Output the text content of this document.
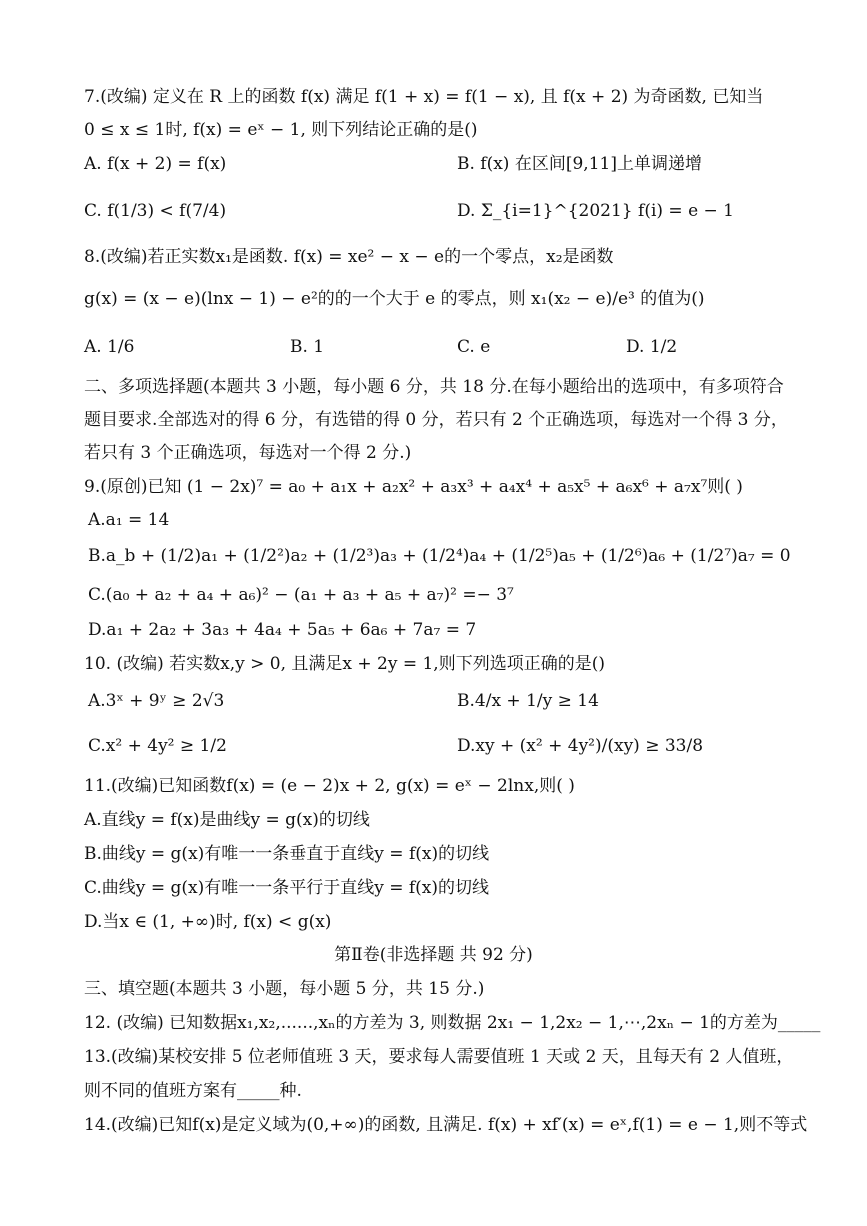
7.(改编) 定义在 R 上的函数 f(x) 满足 f(1 + x) = f(1 − x), 且 f(x + 2) 为奇函数, 已知当
0 ≤ x ≤ 1时, f(x) = eˣ − 1, 则下列结论正确的是()
A. f(x + 2) = f(x)	B. f(x) 在区间[9,11]上单调递增
C. f(1/3) < f(7/4)	D. Σ_{i=1}^{2021} f(i) = e − 1
8.(改编)若正实数x₁是函数. f(x) = xe² − x − e的一个零点，x₂是函数
g(x) = (x − e)(lnx − 1) − e²的的一个大于 e 的零点，则 x₁(x₂ − e)/e³ 的值为()
A. 1/6	B. 1	C. e	D. 1/2
二、多项选择题(本题共 3 小题，每小题 6 分，共 18 分.在每小题给出的选项中，有多项符合
题目要求.全部选对的得 6 分，有选错的得 0 分，若只有 2 个正确选项，每选对一个得 3 分，
若只有 3 个正确选项，每选对一个得 2 分.)
9.(原创)已知 (1 − 2x)⁷ = a₀ + a₁x + a₂x² + a₃x³ + a₄x⁴ + a₅x⁵ + a₆x⁶ + a₇x⁷则( )
A.a₁ = 14
B.a_b + (1/2)a₁ + (1/2²)a₂ + (1/2³)a₃ + (1/2⁴)a₄ + (1/2⁵)a₅ + (1/2⁶)a₆ + (1/2⁷)a₇ = 0
C.(a₀ + a₂ + a₄ + a₆)² − (a₁ + a₃ + a₅ + a₇)² =− 3⁷
D.a₁ + 2a₂ + 3a₃ + 4a₄ + 5a₅ + 6a₆ + 7a₇ = 7
10. (改编) 若实数x,y > 0, 且满足x + 2y = 1,则下列选项正确的是()
A.3ˣ + 9ʸ ≥ 2√3	B.4/x + 1/y ≥ 14
C.x² + 4y² ≥ 1/2	D.xy + (x² + 4y²)/(xy) ≥ 33/8
11.(改编)已知函数f(x) = (e − 2)x + 2, g(x) = eˣ − 2lnx,则( )
A.直线y = f(x)是曲线y = g(x)的切线
B.曲线y = g(x)有唯一一条垂直于直线y = f(x)的切线
C.曲线y = g(x)有唯一一条平行于直线y = f(x)的切线
D.当x ∈ (1, +∞)时, f(x) < g(x)
第Ⅱ卷(非选择题 共 92 分)
三、填空题(本题共 3 小题，每小题 5 分，共 15 分.)
12. (改编) 已知数据x₁,x₂,......,xₙ的方差为 3, 则数据 2x₁ − 1,2x₂ − 1,⋯,2xₙ − 1的方差为_____
13.(改编)某校安排 5 位老师值班 3 天，要求每人需要值班 1 天或 2 天，且每天有 2 人值班，
则不同的值班方案有_____种.
14.(改编)已知f(x)是定义域为(0,+∞)的函数, 且满足. f(x) + xf′(x) = eˣ,f(1) = e − 1,则不等式
